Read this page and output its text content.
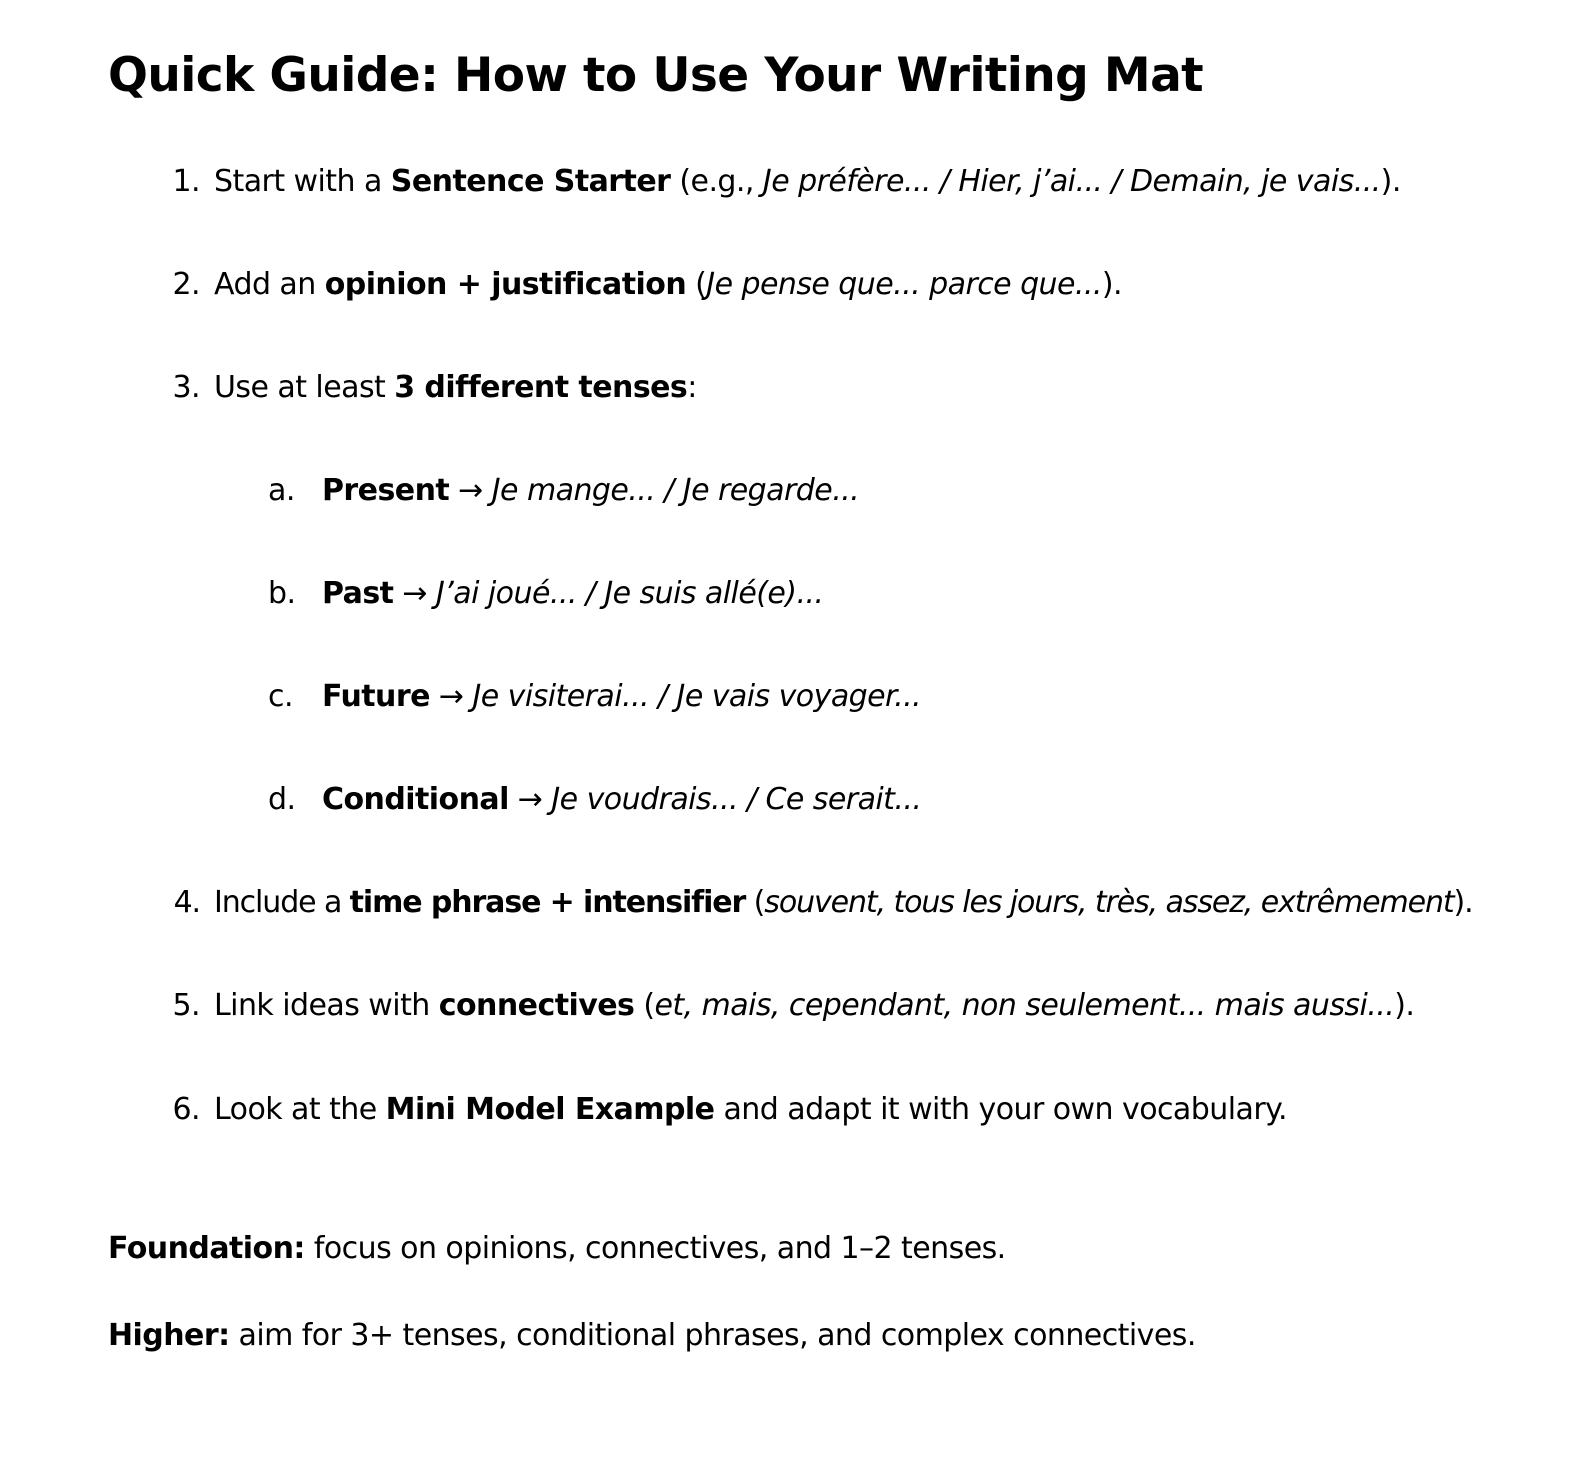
Quick Guide: How to Use Your Writing Mat
1. Start with a Sentence Starter (e.g., Je préfère... / Hier, j’ai... / Demain, je vais...).
2. Add an opinion + justification (Je pense que... parce que...).
3. Use at least 3 different tenses:
a. Present → Je mange... / Je regarde...
b. Past → J’ai joué... / Je suis allé(e)...
c. Future → Je visiterai... / Je vais voyager...
d. Conditional → Je voudrais... / Ce serait...
4. Include a time phrase + intensifier (souvent, tous les jours, très, assez, extrêmement).
5. Link ideas with connectives (et, mais, cependant, non seulement... mais aussi...).
6. Look at the Mini Model Example and adapt it with your own vocabulary.
Foundation: focus on opinions, connectives, and 1–2 tenses.
Higher: aim for 3+ tenses, conditional phrases, and complex connectives.
